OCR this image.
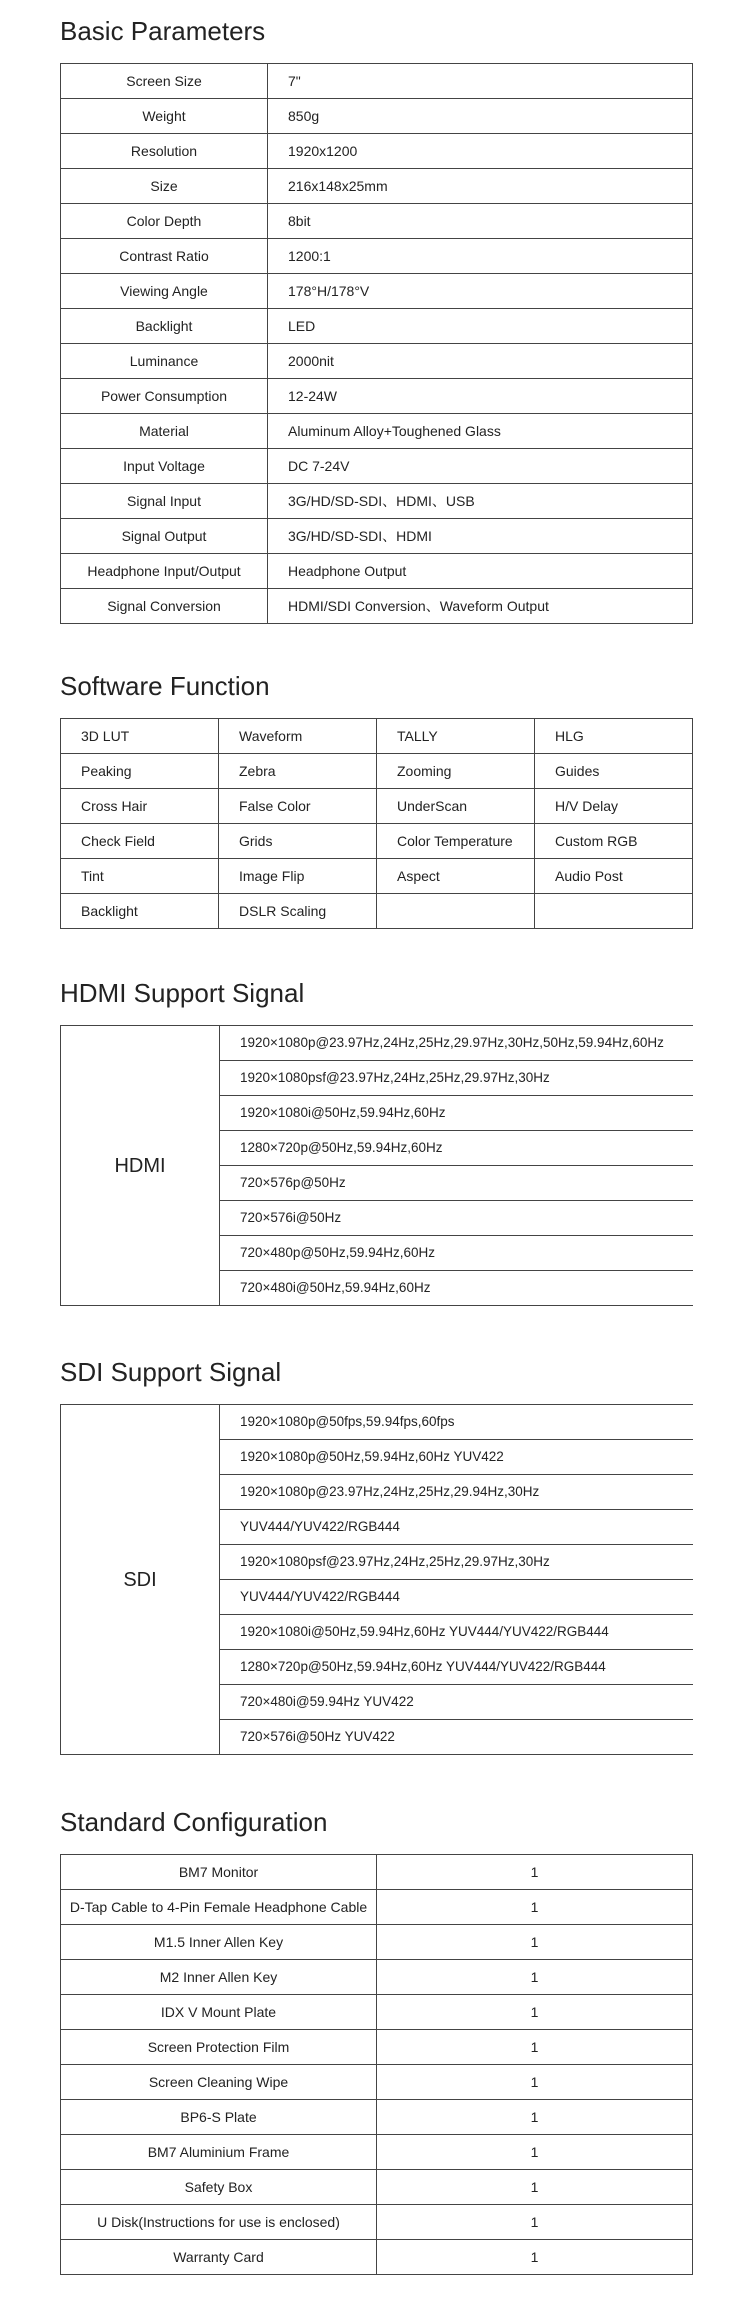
Basic Parameters
Screen Size	7"
Weight	850g
Resolution	1920x1200
Size	216x148x25mm
Color Depth	8bit
Contrast Ratio	1200:1
Viewing Angle	178°H/178°V
Backlight	LED
Luminance	2000nit
Power Consumption	12-24W
Material	Aluminum Alloy+Toughened Glass
Input Voltage	DC 7-24V
Signal Input	3G/HD/SD-SDI、HDMI、USB
Signal Output	3G/HD/SD-SDI、HDMI
Headphone Input/Output	Headphone Output
Signal Conversion	HDMI/SDI Conversion、Waveform Output
Software Function
3D LUT	Waveform	TALLY	HLG
Peaking	Zebra	Zooming	Guides
Cross Hair	False Color	UnderScan	H/V Delay
Check Field	Grids	Color Temperature	Custom RGB
Tint	Image Flip	Aspect	Audio Post
Backlight	DSLR Scaling		
HDMI Support Signal
HDMI	1920×1080p@23.97Hz,24Hz,25Hz,29.97Hz,30Hz,50Hz,59.94Hz,60Hz
1920×1080psf@23.97Hz,24Hz,25Hz,29.97Hz,30Hz
1920×1080i@50Hz,59.94Hz,60Hz
1280×720p@50Hz,59.94Hz,60Hz
720×576p@50Hz
720×576i@50Hz
720×480p@50Hz,59.94Hz,60Hz
720×480i@50Hz,59.94Hz,60Hz
SDI Support Signal
SDI	1920×1080p@50fps,59.94fps,60fps
1920×1080p@50Hz,59.94Hz,60Hz YUV422
1920×1080p@23.97Hz,24Hz,25Hz,29.94Hz,30Hz
YUV444/YUV422/RGB444
1920×1080psf@23.97Hz,24Hz,25Hz,29.97Hz,30Hz
YUV444/YUV422/RGB444
1920×1080i@50Hz,59.94Hz,60Hz YUV444/YUV422/RGB444
1280×720p@50Hz,59.94Hz,60Hz YUV444/YUV422/RGB444
720×480i@59.94Hz YUV422
720×576i@50Hz YUV422
Standard Configuration
BM7 Monitor	1
D-Tap Cable to 4-Pin Female Headphone Cable	1
M1.5 Inner Allen Key	1
M2 Inner Allen Key	1
IDX V Mount Plate	1
Screen Protection Film	1
Screen Cleaning Wipe	1
BP6-S Plate	1
BM7 Aluminium Frame	1
Safety Box	1
U Disk(Instructions for use is enclosed)	1
Warranty Card	1
